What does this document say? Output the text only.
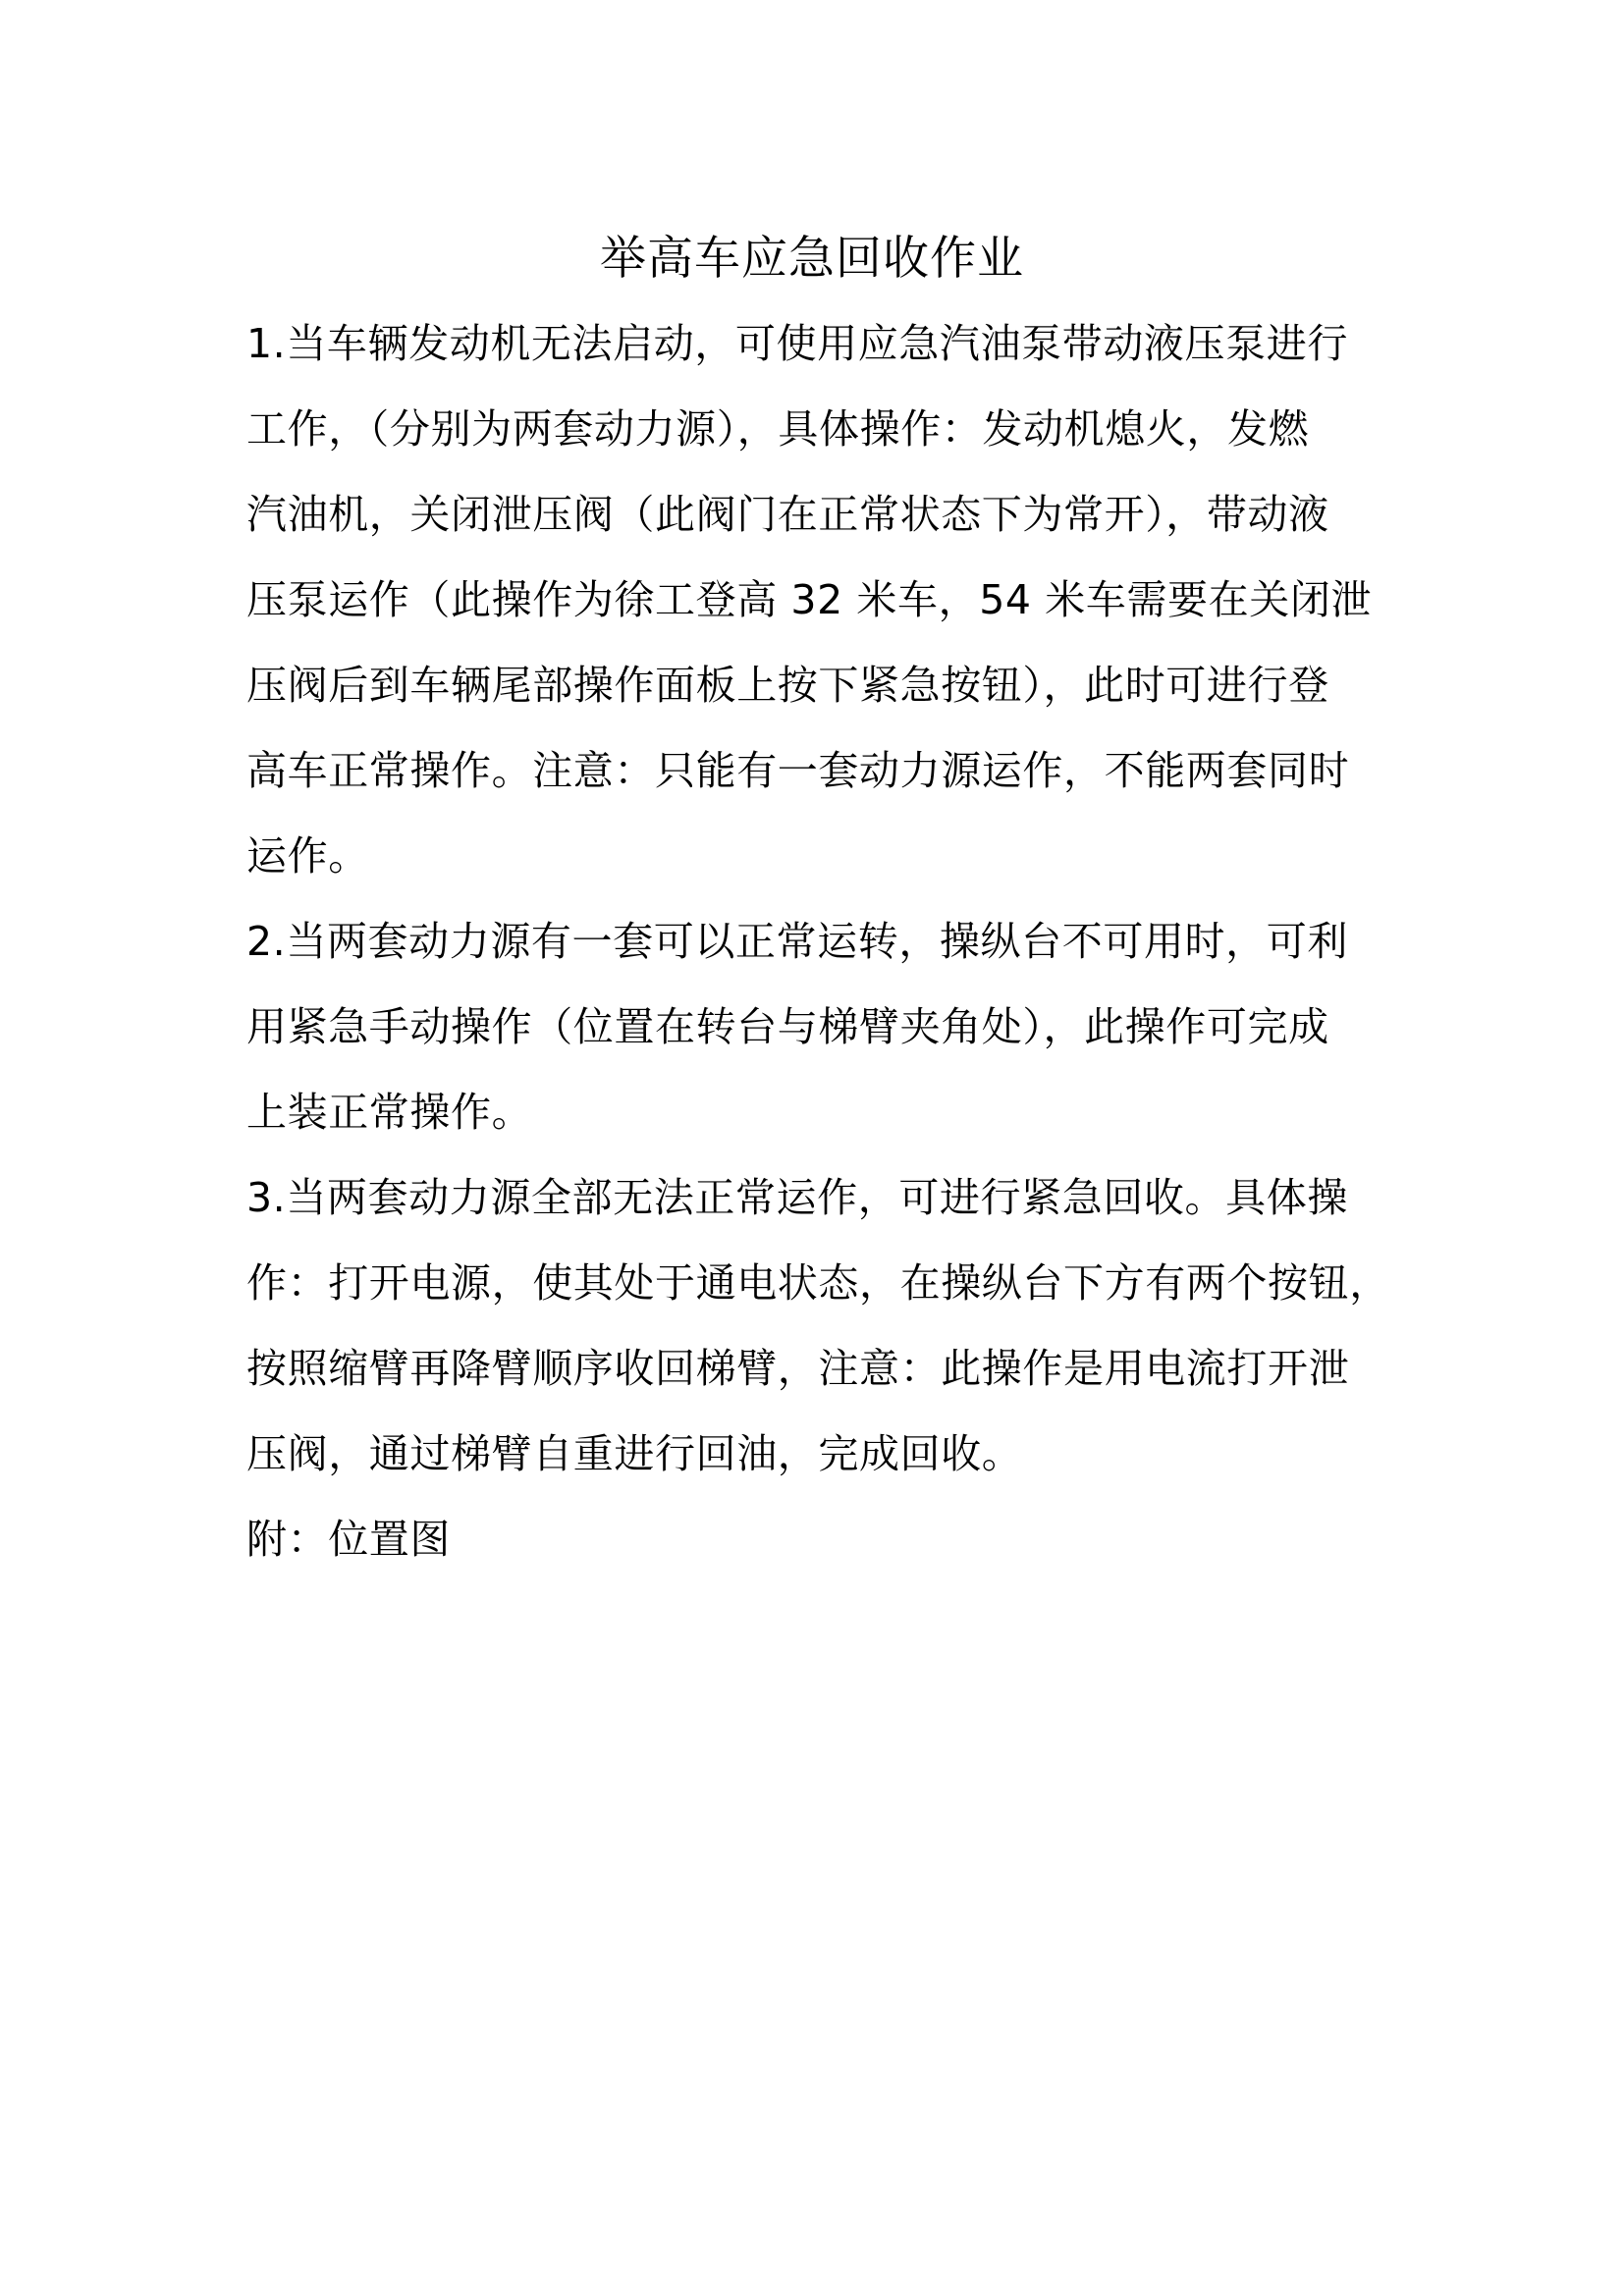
举高车应急回收作业
1.当车辆发动机无法启动，可使用应急汽油泵带动液压泵进行
工作，（分别为两套动力源），具体操作：发动机熄火，发燃
汽油机，关闭泄压阀（此阀门在正常状态下为常开），带动液
压泵运作（此操作为徐工登高 32 米车，54 米车需要在关闭泄
压阀后到车辆尾部操作面板上按下紧急按钮），此时可进行登
高车正常操作。注意：只能有一套动力源运作，不能两套同时
运作。
2.当两套动力源有一套可以正常运转，操纵台不可用时，可利
用紧急手动操作（位置在转台与梯臂夹角处），此操作可完成
上装正常操作。
3.当两套动力源全部无法正常运作，可进行紧急回收。具体操
作：打开电源，使其处于通电状态，在操纵台下方有两个按钮，
按照缩臂再降臂顺序收回梯臂，注意：此操作是用电流打开泄
压阀，通过梯臂自重进行回油，完成回收。
附：位置图
